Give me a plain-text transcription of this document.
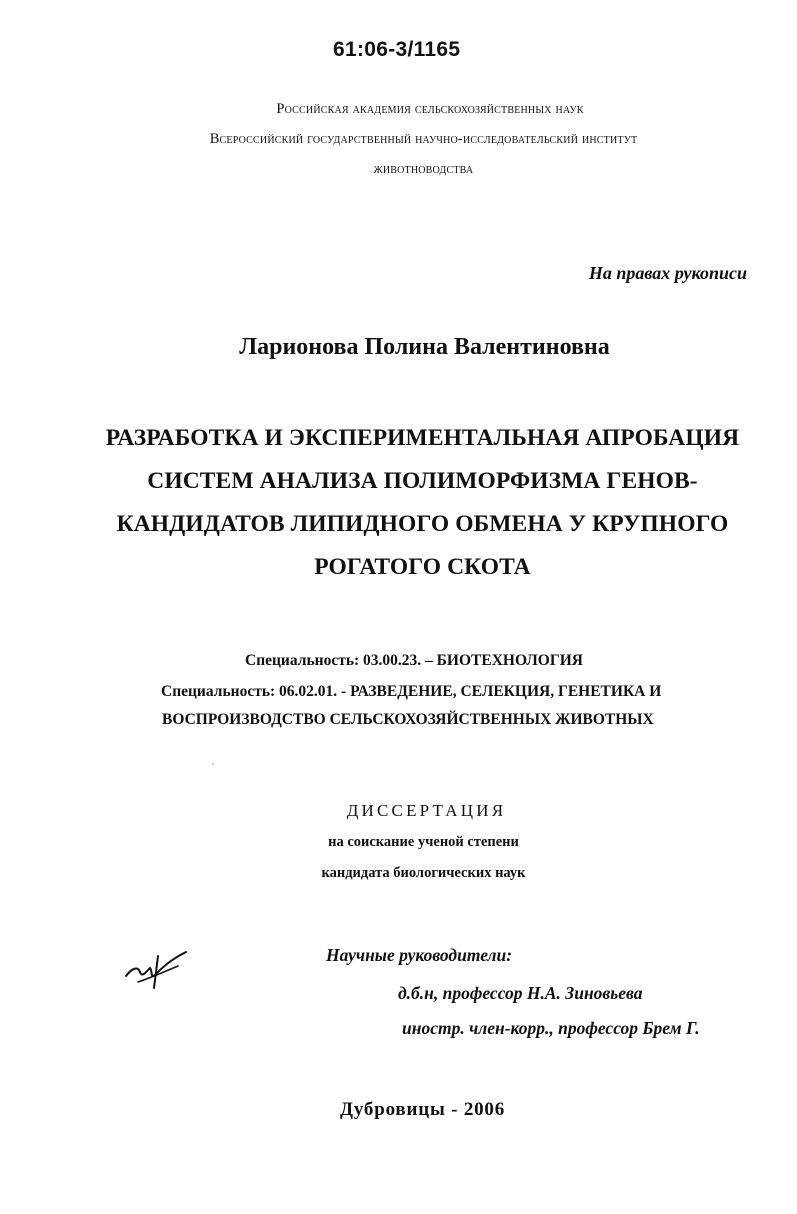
61:06-3/1165
Российская академия сельскохозяйственных наук
Всероссийский государственный научно-исследовательский институт
животноводства
На правах рукописи
Ларионова Полина Валентиновна
РАЗРАБОТКА И ЭКСПЕРИМЕНТАЛЬНАЯ АПРОБАЦИЯ
СИСТЕМ АНАЛИЗА ПОЛИМОРФИЗМА ГЕНОВ-
КАНДИДАТОВ ЛИПИДНОГО ОБМЕНА У КРУПНОГО
РОГАТОГО СКОТА
Специальность: 03.00.23. – БИОТЕХНОЛОГИЯ
Специальность: 06.02.01. - РАЗВЕДЕНИЕ, СЕЛЕКЦИЯ, ГЕНЕТИКА И
ВОСПРОИЗВОДСТВО СЕЛЬСКОХОЗЯЙСТВЕННЫХ ЖИВОТНЫХ
ДИССЕРТАЦИЯ
на соискание ученой степени
кандидата биологических наук
Научные руководители:
д.б.н, профессор Н.А. Зиновьева
иностр. член-корр., профессор Брем Г.
Дубровицы - 2006
